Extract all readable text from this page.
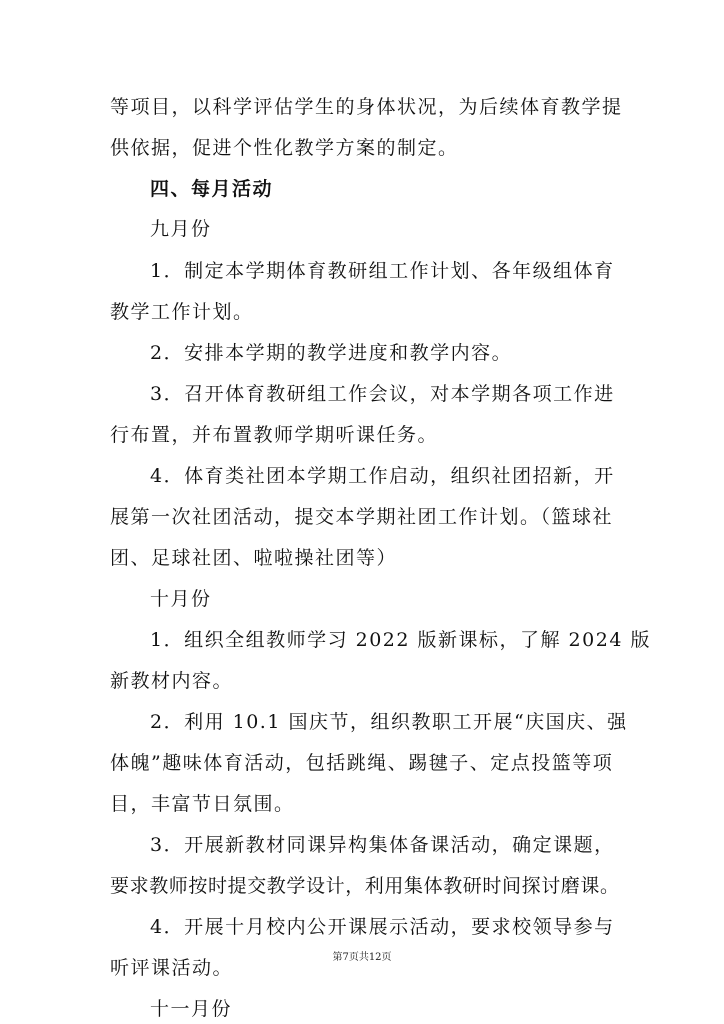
等项目，以科学评估学生的身体状况，为后续体育教学提
供依据，促进个性化教学方案的制定。
四、每月活动
九月份
1．制定本学期体育教研组工作计划、各年级组体育
教学工作计划。
2．安排本学期的教学进度和教学内容。
3．召开体育教研组工作会议，对本学期各项工作进
行布置，并布置教师学期听课任务。
4．体育类社团本学期工作启动，组织社团招新，开
展第一次社团活动，提交本学期社团工作计划。（篮球社
团、足球社团、啦啦操社团等）
十月份
1．组织全组教师学习 2022 版新课标，了解 2024 版
新教材内容。
2．利用 10.1 国庆节，组织教职工开展“庆国庆、强
体魄”趣味体育活动，包括跳绳、踢毽子、定点投篮等项
目，丰富节日氛围。
3．开展新教材同课异构集体备课活动，确定课题，
要求教师按时提交教学设计，利用集体教研时间探讨磨课。
4．开展十月校内公开课展示活动，要求校领导参与
听评课活动。
十一月份
第7页共12页
